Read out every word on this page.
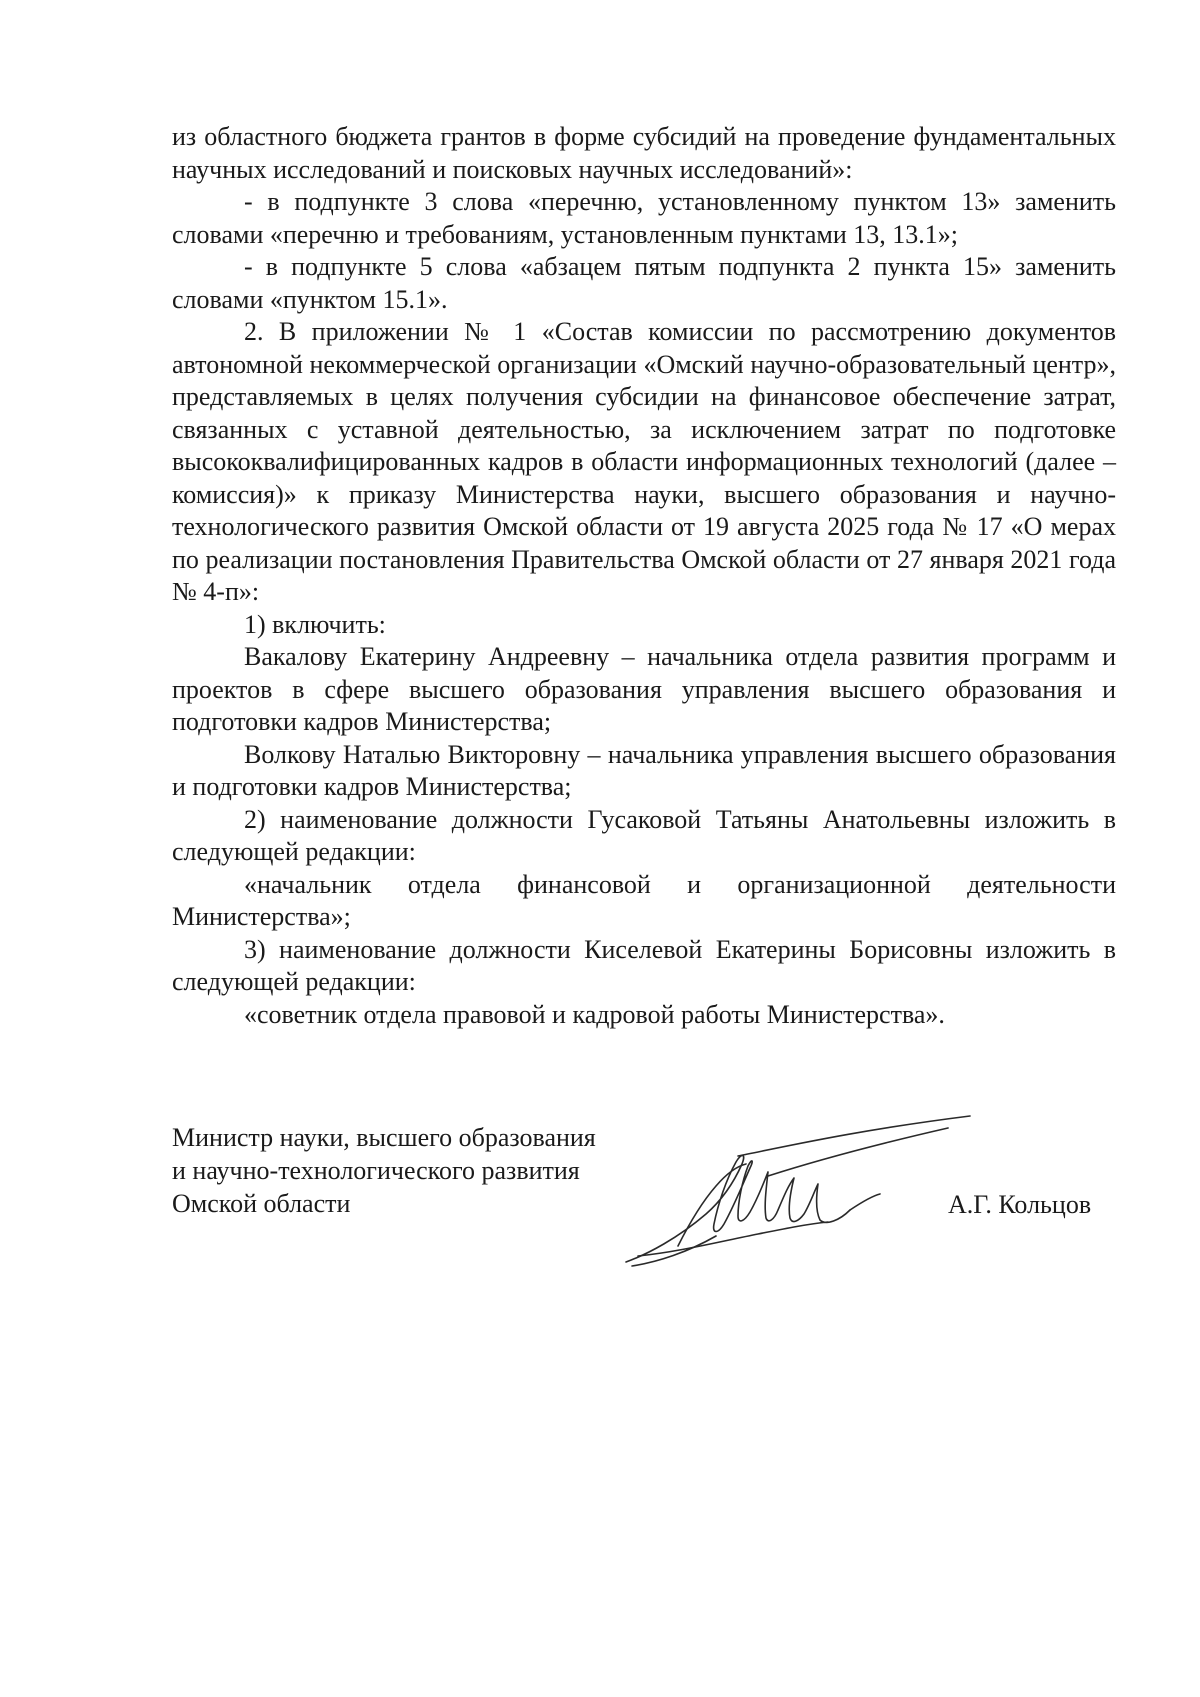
из областного бюджета грантов в форме субсидий на проведение фундаментальных научных исследований и поисковых научных исследований»:

- в подпункте 3 слова «перечню, установленному пунктом 13» заменить словами «перечню и требованиям, установленным пунктами 13, 13.1»;

- в подпункте 5 слова «абзацем пятым подпункта 2 пункта 15» заменить словами «пунктом 15.1».

2. В приложении № 1 «Состав комиссии по рассмотрению документов автономной некоммерческой организации «Омский научно-образовательный центр», представляемых в целях получения субсидии на финансовое обеспечение затрат, связанных с уставной деятельностью, за исключением затрат по подготовке высококвалифицированных кадров в области информационных технологий (далее – комиссия)» к приказу Министерства науки, высшего образования и научно-технологического развития Омской области от 19 августа 2025 года № 17 «О мерах по реализации постановления Правительства Омской области от 27 января 2021 года № 4-п»:

1) включить:

Вакалову Екатерину Андреевну – начальника отдела развития программ и проектов в сфере высшего образования управления высшего образования и подготовки кадров Министерства;

Волкову Наталью Викторовну – начальника управления высшего образования и подготовки кадров Министерства;

2) наименование должности Гусаковой Татьяны Анатольевны изложить в следующей редакции:

«начальник отдела финансовой и организационной деятельности Министерства»;

3) наименование должности Киселевой Екатерины Борисовны изложить в следующей редакции:

«советник отдела правовой и кадровой работы Министерства».

Министр науки, высшего образования
и научно-технологического развития
Омской области	А.Г. Кольцов
